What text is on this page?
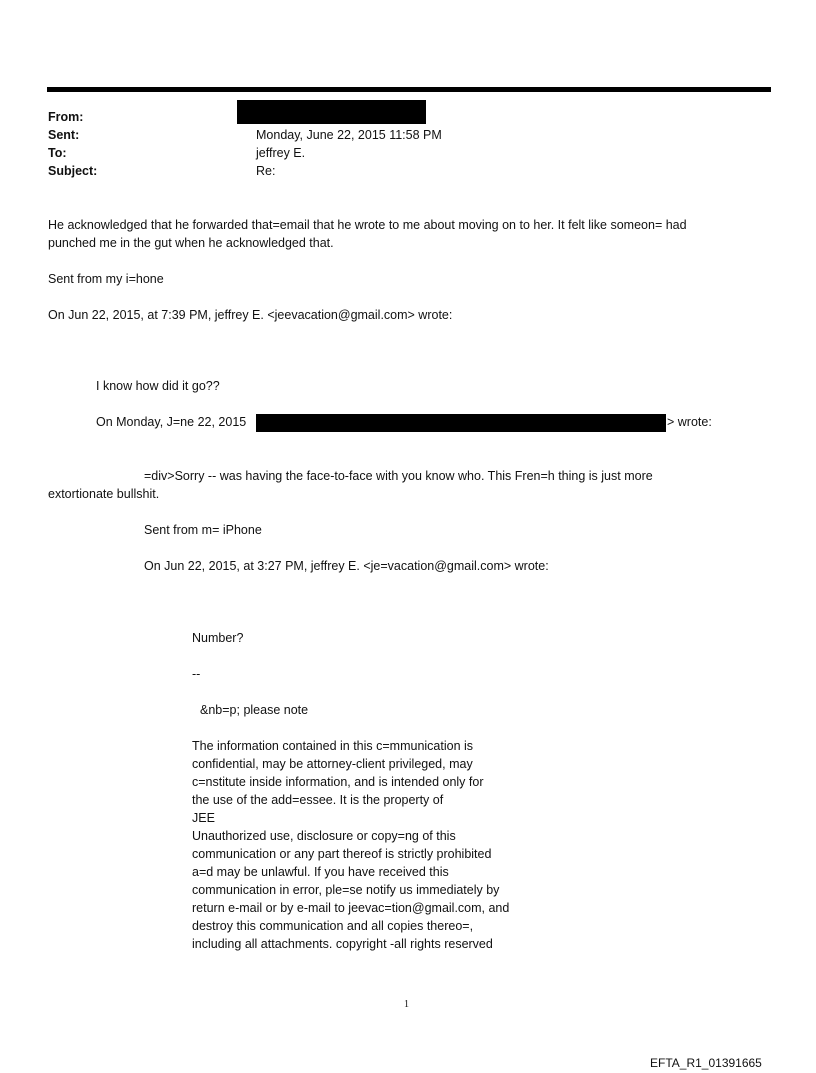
From:
Sent:	Monday, June 22, 2015 11:58 PM
To:	jeffrey E.
Subject:	Re:
He acknowledged that he forwarded that=email that he wrote to me about moving on to her. It felt like someon= had
punched me in the gut when he acknowledged that.
Sent from my i=hone
On Jun 22, 2015, at 7:39 PM, jeffrey E. <jeevacation@gmail.com> wrote:
I know how did it go??
On Monday, J=ne 22, 2015	> wrote:
=div>Sorry -- was having the face-to-face with you know who. This Fren=h thing is just more
extortionate bullshit.
Sent from m= iPhone
On Jun 22, 2015, at 3:27 PM, jeffrey E. <je=vacation@gmail.com> wrote:
Number?
--
&nb=p; please note
The information contained in this c=mmunication is
confidential, may be attorney-client privileged, may
c=nstitute inside information, and is intended only for
the use of the add=essee. It is the property of
JEE
Unauthorized use, disclosure or copy=ng of this
communication or any part thereof is strictly prohibited
a=d may be unlawful. If you have received this
communication in error, ple=se notify us immediately by
return e-mail or by e-mail to jeevac=tion@gmail.com, and
destroy this communication and all copies thereo=,
including all attachments. copyright -all rights reserved
1
EFTA_R1_01391665
